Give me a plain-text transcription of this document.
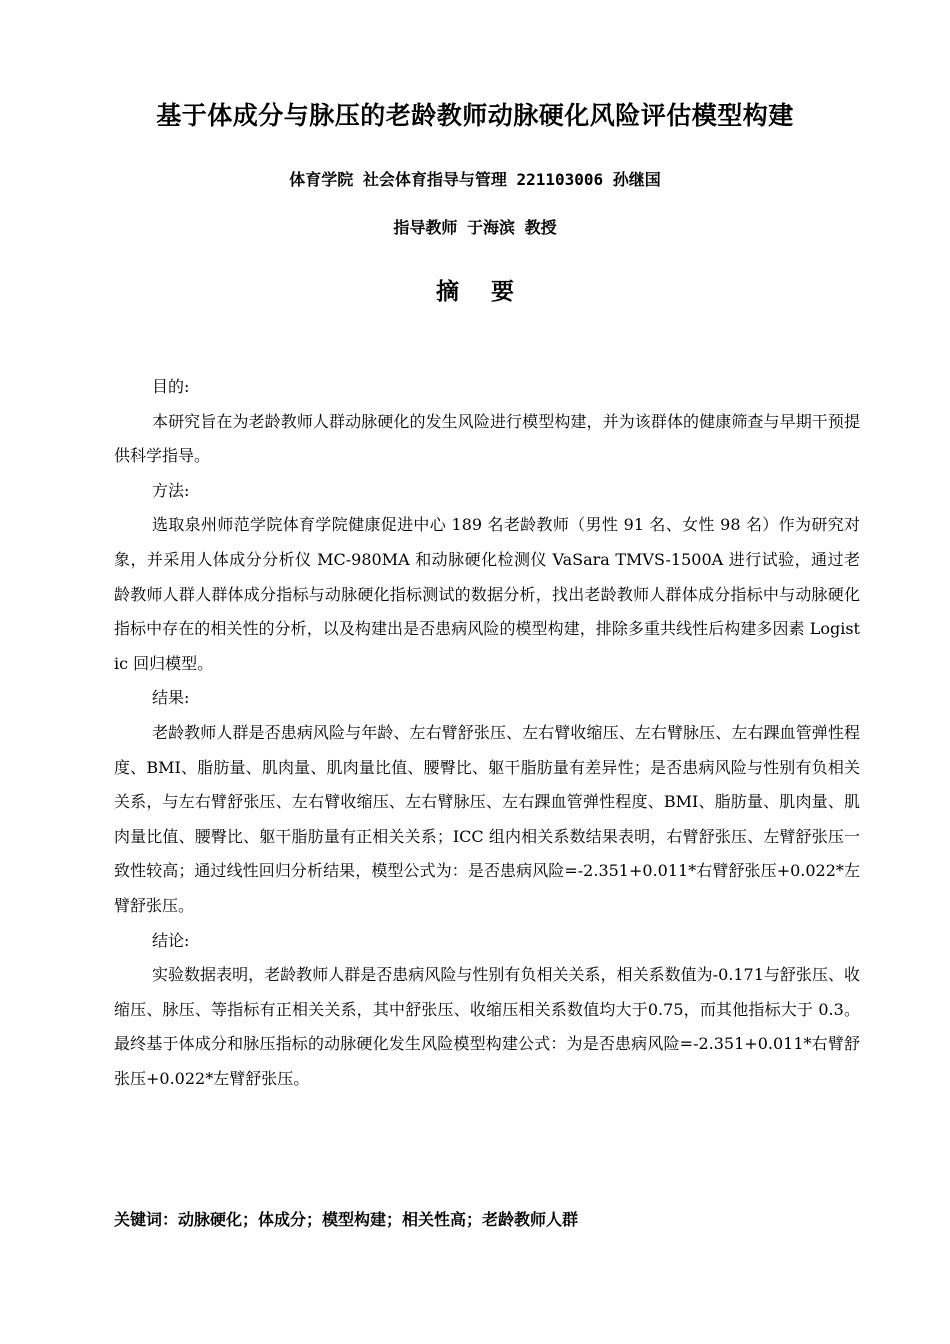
基于体成分与脉压的老龄教师动脉硬化风险评估模型构建
体育学院 社会体育指导与管理 221103006 孙继国
指导教师 于海滨 教授
摘要

目的:

本研究旨在为老龄教师人群动脉硬化的发生风险进行模型构建，并为该群体的健康筛查与早期干预提供科学指导。

方法:

选取泉州师范学院体育学院健康促进中心 189 名老龄教师（男性 91 名、女性 98 名）作为研究对象，并采用人体成分分析仪 MC-980MA 和动脉硬化检测仪 VaSara TMVS-1500A 进行试验，通过老龄教师人群人群体成分指标与动脉硬化指标测试的数据分析，找出老龄教师人群体成分指标中与动脉硬化指标中存在的相关性的分析，以及构建出是否患病风险的模型构建，排除多重共线性后构建多因素 Logistic 回归模型。

结果:

老龄教师人群是否患病风险与年龄、左右臂舒张压、左右臂收缩压、左右臂脉压、左右踝血管弹性程度、BMI、脂肪量、肌肉量、肌肉量比值、腰臀比、躯干脂肪量有差异性；是否患病风险与性别有负相关关系，与左右臂舒张压、左右臂收缩压、左右臂脉压、左右踝血管弹性程度、BMI、脂肪量、肌肉量、肌肉量比值、腰臀比、躯干脂肪量有正相关关系；ICC 组内相关系数结果表明，右臂舒张压、左臂舒张压一致性较高；通过线性回归分析结果，模型公式为：是否患病风险=-2.351+0.011*右臂舒张压+0.022*左臂舒张压。

结论:

实验数据表明，老龄教师人群是否患病风险与性别有负相关关系，相关系数值为-0.171与舒张压、收缩压、脉压、等指标有正相关关系，其中舒张压、收缩压相关系数值均大于0.75，而其他指标大于 0.3。最终基于体成分和脉压指标的动脉硬化发生风险模型构建公式：为是否患病风险=-2.351+0.011*右臂舒张压+0.022*左臂舒张压。

关键词：动脉硬化；体成分；模型构建；相关性高；老龄教师人群
